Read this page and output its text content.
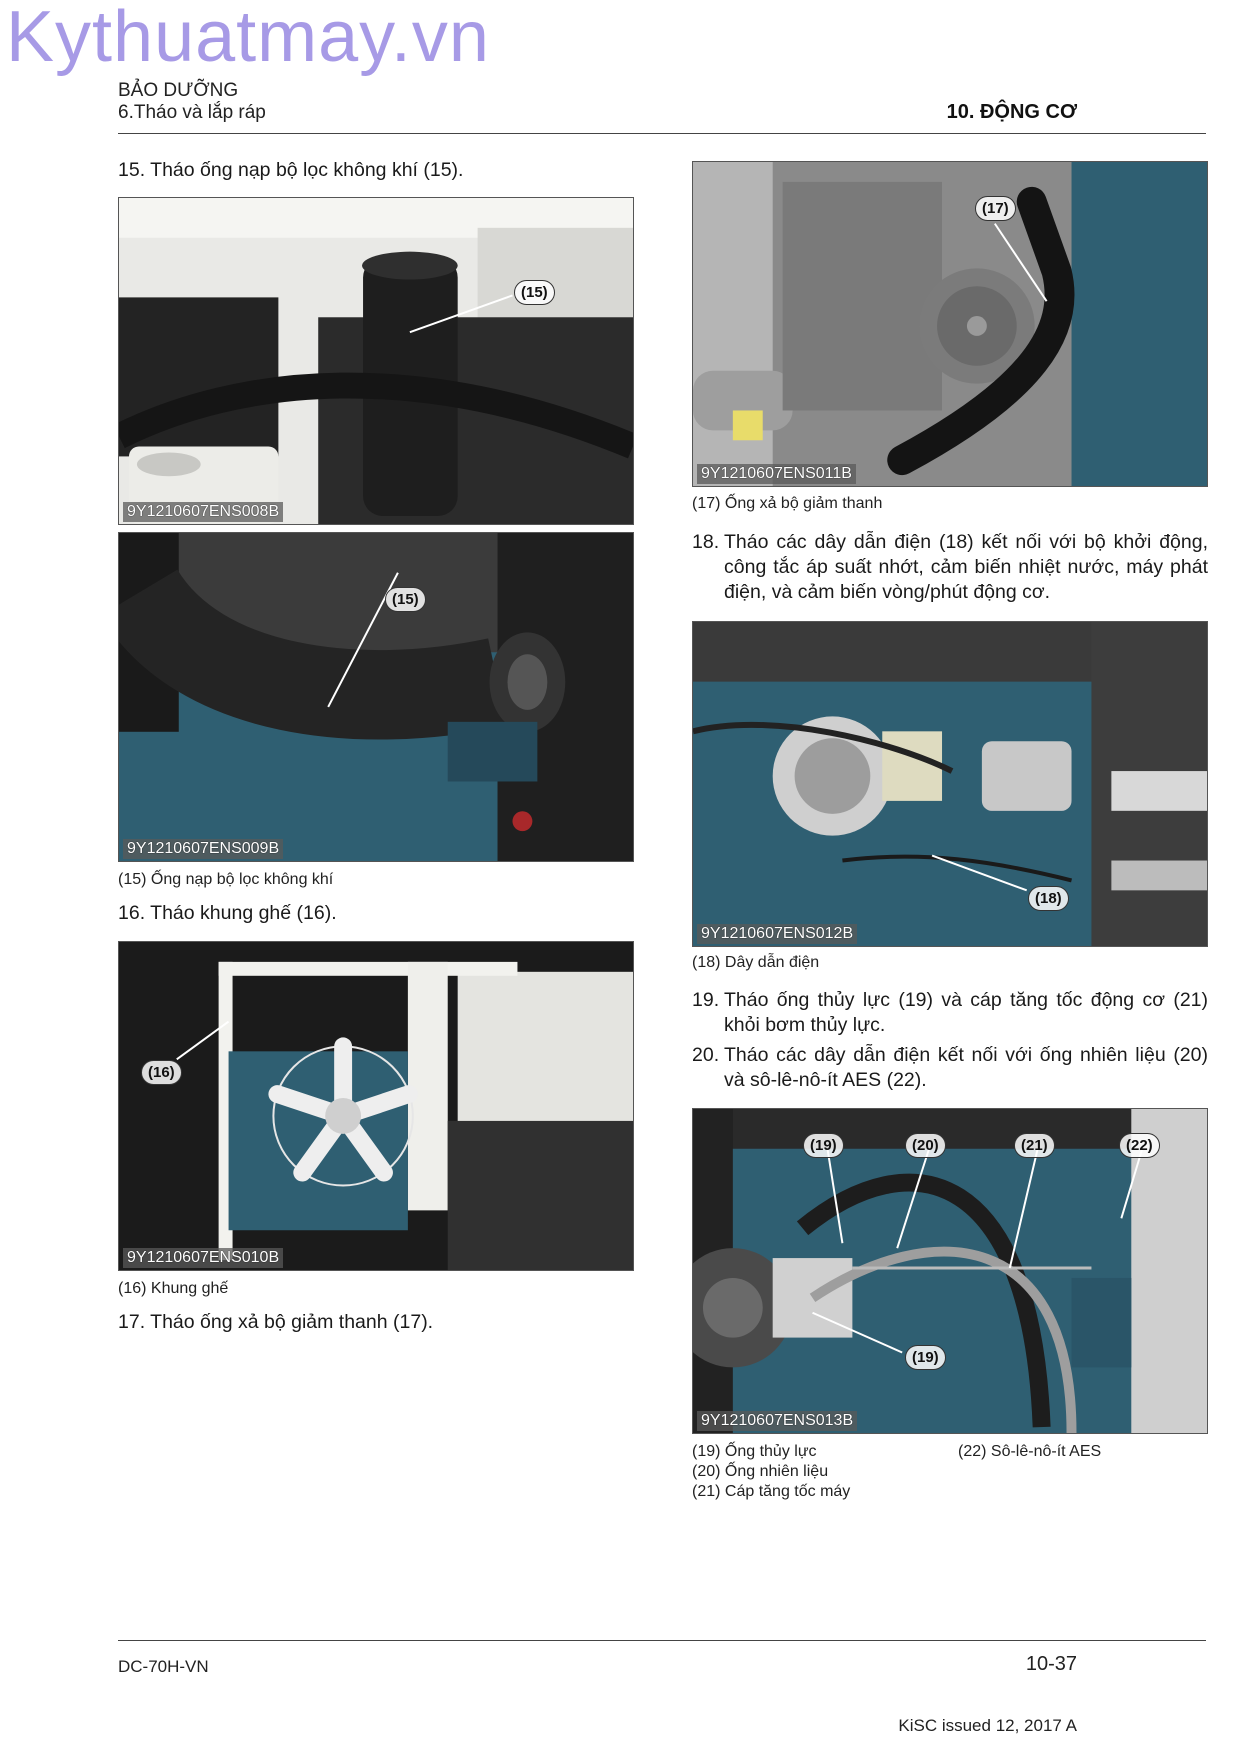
Kythuatmay.vn
BẢO DƯỠNG
6.Tháo và lắp ráp	10. ĐỘNG CƠ
15. Tháo ống nạp bộ lọc không khí (15).
(15)
9Y1210607ENS008B
(15)
9Y1210607ENS009B
(15) Ống nạp bộ lọc không khí
16. Tháo khung ghế (16).
(16)
9Y1210607ENS010B
(16) Khung ghế
17. Tháo ống xả bộ giảm thanh (17).
(17)
9Y1210607ENS011B
(17) Ống xả bộ giảm thanh
18. Tháo các dây dẫn điện (18) kết nối với bộ khởi động, công tắc áp suất nhớt, cảm biến nhiệt nước, máy phát điện, và cảm biến vòng/phút động cơ.
(18)
9Y1210607ENS012B
(18) Dây dẫn điện
19. Tháo ống thủy lực (19) và cáp tăng tốc động cơ (21) khỏi bơm thủy lực.
20. Tháo các dây dẫn điện kết nối với ống nhiên liệu (20) và sô-lê-nô-ít AES (22).
(19)	(20)	(21)	(22)
(19)
9Y1210607ENS013B
(19) Ống thủy lực
(20) Ống nhiên liệu
(21) Cáp tăng tốc máy
(22) Sô-lê-nô-ít AES
DC-70H-VN	10-37
KiSC issued 12, 2017 A
